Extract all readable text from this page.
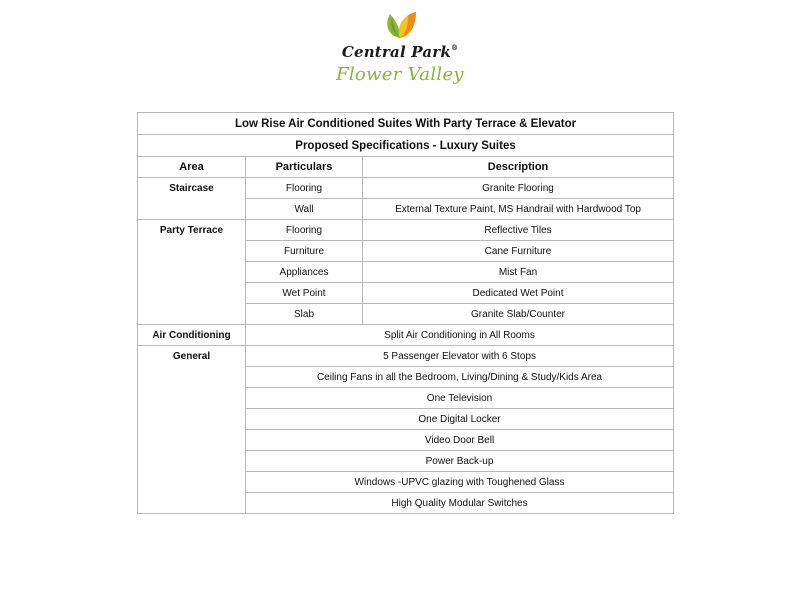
Central Park®
Flower Valley
Low Rise Air Conditioned Suites With Party Terrace & Elevator		
Proposed Specifications - Luxury Suites		
Area	Particulars	Description
Staircase	Flooring	Granite Flooring
	Wall	External Texture Paint, MS Handrail with Hardwood Top
Party Terrace	Flooring	Reflective Tiles
	Furniture	Cane Furniture
	Appliances	Mist Fan
	Wet Point	Dedicated Wet Point
	Slab	Granite Slab/Counter
Air Conditioning	Split Air Conditioning in All Rooms	
General	5 Passenger Elevator with 6 Stops	
	Ceiling Fans in all the Bedroom, Living/Dining & Study/Kids Area	
	One Television	
	One Digital Locker	
	Video Door Bell	
	Power Back-up	
	Windows -UPVC glazing with Toughened Glass	
	High Quality Modular Switches	
